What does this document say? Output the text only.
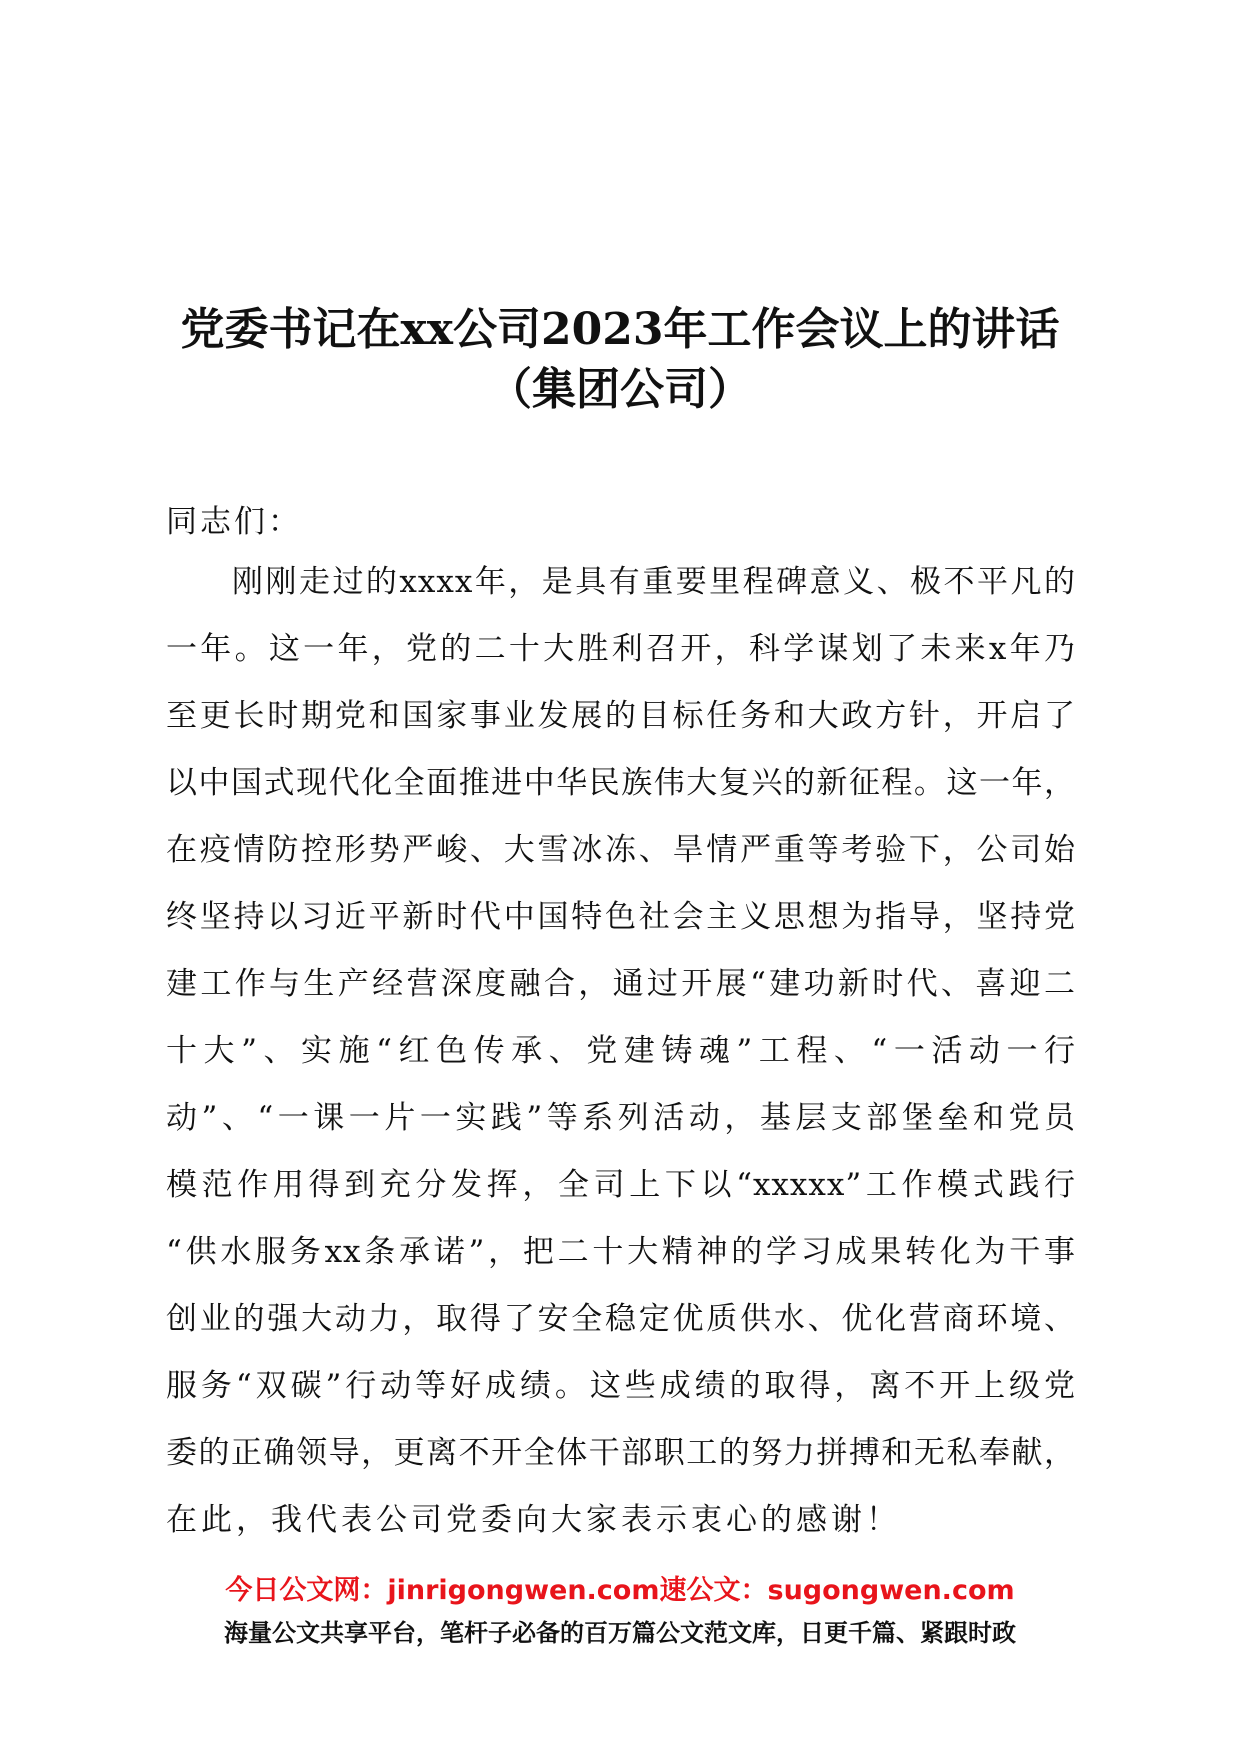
党委书记在xx公司2023年工作会议上的讲话
（集团公司）
同志们：
刚刚走过的xxxx年，是具有重要里程碑意义、极不平凡的
一年。这一年，党的二十大胜利召开，科学谋划了未来x年乃
至更长时期党和国家事业发展的目标任务和大政方针，开启了
以中国式现代化全面推进中华民族伟大复兴的新征程。这一年，
在疫情防控形势严峻、大雪冰冻、旱情严重等考验下，公司始
终坚持以习近平新时代中国特色社会主义思想为指导，坚持党
建工作与生产经营深度融合，通过开展“建功新时代、喜迎二
十大”、实施“红色传承、党建铸魂”工程、“一活动一行
动”、“一课一片一实践”等系列活动，基层支部堡垒和党员
模范作用得到充分发挥，全司上下以“xxxxx”工作模式践行
“供水服务xx条承诺”，把二十大精神的学习成果转化为干事
创业的强大动力，取得了安全稳定优质供水、优化营商环境、
服务“双碳”行动等好成绩。这些成绩的取得，离不开上级党
委的正确领导，更离不开全体干部职工的努力拼搏和无私奉献，
在此，我代表公司党委向大家表示衷心的感谢！
今日公文网：jinrigongwen.com速公文：sugongwen.com
海量公文共享平台，笔杆子必备的百万篇公文范文库，日更千篇、紧跟时政
